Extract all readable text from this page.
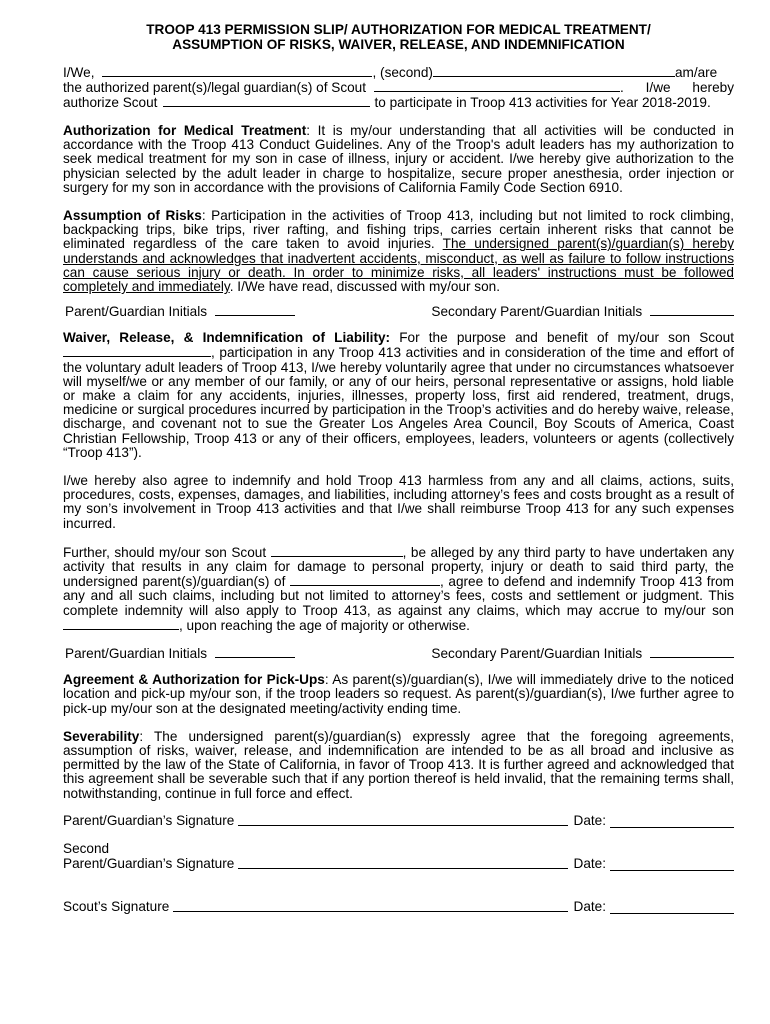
TROOP 413 PERMISSION SLIP/ AUTHORIZATION FOR MEDICAL TREATMENT/

ASSUMPTION OF RISKS, WAIVER, RELEASE, AND INDEMNIFICATION

I/We,	, (second)	am/are
the authorized parent(s)/legal guardian(s) of Scout	. I/we hereby
authorize Scout	to participate in Troop 413 activities for Year 2018-2019.

Authorization for Medical Treatment: It is my/our understanding that all activities will be conducted in accordance with the Troop 413 Conduct Guidelines. Any of the Troop's adult leaders has my authorization to seek medical treatment for my son in case of illness, injury or accident. I/we hereby give authorization to the physician selected by the adult leader in charge to hospitalize, secure proper anesthesia, order injection or surgery for my son in accordance with the provisions of California Family Code Section 6910.

Assumption of Risks: Participation in the activities of Troop 413, including but not limited to rock climbing, backpacking trips, bike trips, river rafting, and fishing trips, carries certain inherent risks that cannot be eliminated regardless of the care taken to avoid injuries. The undersigned parent(s)/guardian(s) hereby understands and acknowledges that inadvertent accidents, misconduct, as well as failure to follow instructions can cause serious injury or death. In order to minimize risks, all leaders' instructions must be followed completely and immediately. I/We have read, discussed with my/our son.

Parent/Guardian Initials	Secondary Parent/Guardian Initials

Waiver, Release, & Indemnification of Liability: For the purpose and benefit of my/our son Scout , participation in any Troop 413 activities and in consideration of the time and effort of the voluntary adult leaders of Troop 413, I/we hereby voluntarily agree that under no circumstances whatsoever will myself/we or any member of our family, or any of our heirs, personal representative or assigns, hold liable or make a claim for any accidents, injuries, illnesses, property loss, first aid rendered, treatment, drugs, medicine or surgical procedures incurred by participation in the Troop’s activities and do hereby waive, release, discharge, and covenant not to sue the Greater Los Angeles Area Council, Boy Scouts of America, Coast Christian Fellowship, Troop 413 or any of their officers, employees, leaders, volunteers or agents (collectively “Troop 413”).

I/we hereby also agree to indemnify and hold Troop 413 harmless from any and all claims, actions, suits, procedures, costs, expenses, damages, and liabilities, including attorney’s fees and costs brought as a result of my son’s involvement in Troop 413 activities and that I/we shall reimburse Troop 413 for any such expenses incurred.

Further, should my/our son Scout	, be alleged by any third party to have undertaken any activity that results in any claim for damage to personal property, injury or death to said third party, the undersigned parent(s)/guardian(s) of	, agree to defend and indemnify Troop 413 from any and all such claims, including but not limited to attorney’s fees, costs and settlement or judgment. This complete indemnity will also apply to Troop 413, as against any claims, which may accrue to my/our son , upon reaching the age of majority or otherwise.

Parent/Guardian Initials	Secondary Parent/Guardian Initials

Agreement & Authorization for Pick-Ups: As parent(s)/guardian(s), I/we will immediately drive to the noticed location and pick-up my/our son, if the troop leaders so request. As parent(s)/guardian(s), I/we further agree to pick-up my/our son at the designated meeting/activity ending time.

Severability: The undersigned parent(s)/guardian(s) expressly agree that the foregoing agreements, assumption of risks, waiver, release, and indemnification are intended to be as all broad and inclusive as permitted by the law of the State of California, in favor of Troop 413. It is further agreed and acknowledged that this agreement shall be severable such that if any portion thereof is held invalid, that the remaining terms shall, notwithstanding, continue in full force and effect.

Parent/Guardian’s Signature	Date:
Second
Parent/Guardian’s Signature	Date:
Scout’s Signature	Date:
